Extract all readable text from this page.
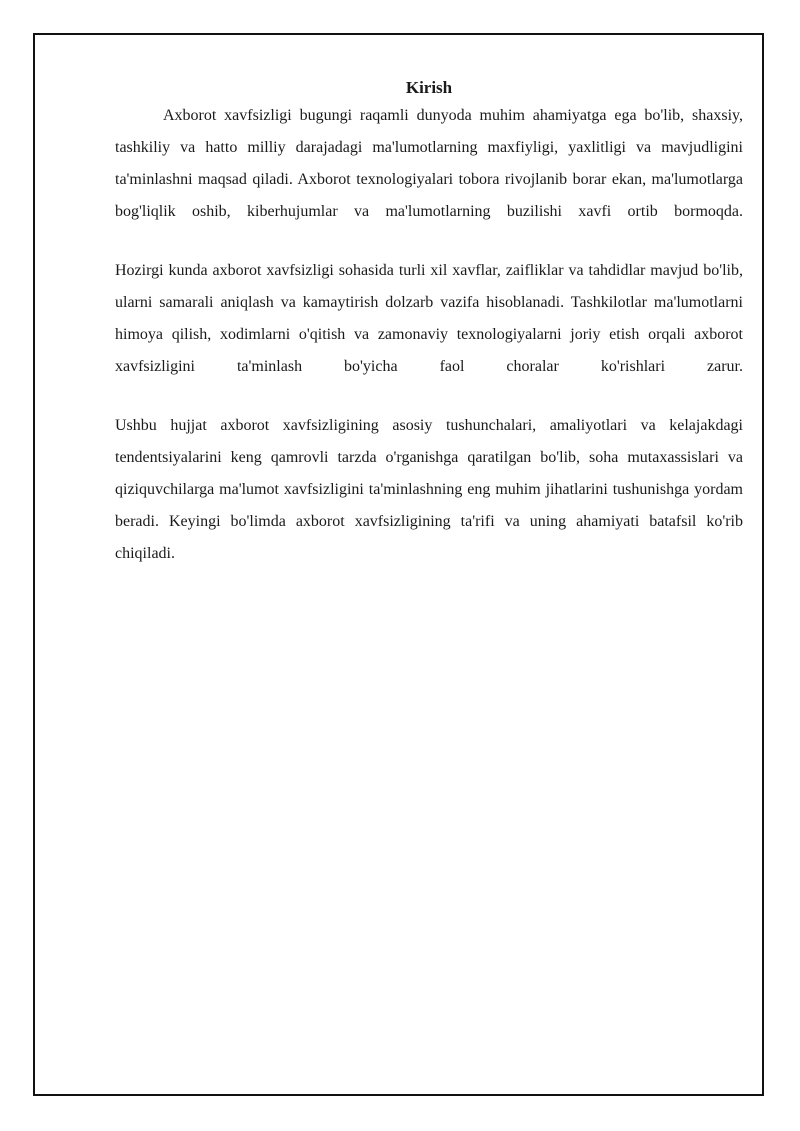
Kirish

Axborot xavfsizligi bugungi raqamli dunyoda muhim ahamiyatga ega bo'lib, shaxsiy, tashkiliy va hatto milliy darajadagi ma'lumotlarning maxfiyligi, yaxlitligi va mavjudligini ta'minlashni maqsad qiladi. Axborot texnologiyalari tobora rivojlanib borar ekan, ma'lumotlarga bog'liqlik oshib, kiberhujumlar va ma'lumotlarning buzilishi xavfi ortib bormoqda.

Hozirgi kunda axborot xavfsizligi sohasida turli xil xavflar, zaifliklar va tahdidlar mavjud bo'lib, ularni samarali aniqlash va kamaytirish dolzarb vazifa hisoblanadi. Tashkilotlar ma'lumotlarni himoya qilish, xodimlarni o'qitish va zamonaviy texnologiyalarni joriy etish orqali axborot xavfsizligini ta'minlash bo'yicha faol choralar ko'rishlari zarur.

Ushbu hujjat axborot xavfsizligining asosiy tushunchalari, amaliyotlari va kelajakdagi tendentsiyalarini keng qamrovli tarzda o'rganishga qaratilgan bo'lib, soha mutaxassislari va qiziquvchilarga ma'lumot xavfsizligini ta'minlashning eng muhim jihatlarini tushunishga yordam beradi. Keyingi bo'limda axborot xavfsizligining ta'rifi va uning ahamiyati batafsil ko'rib chiqiladi.
